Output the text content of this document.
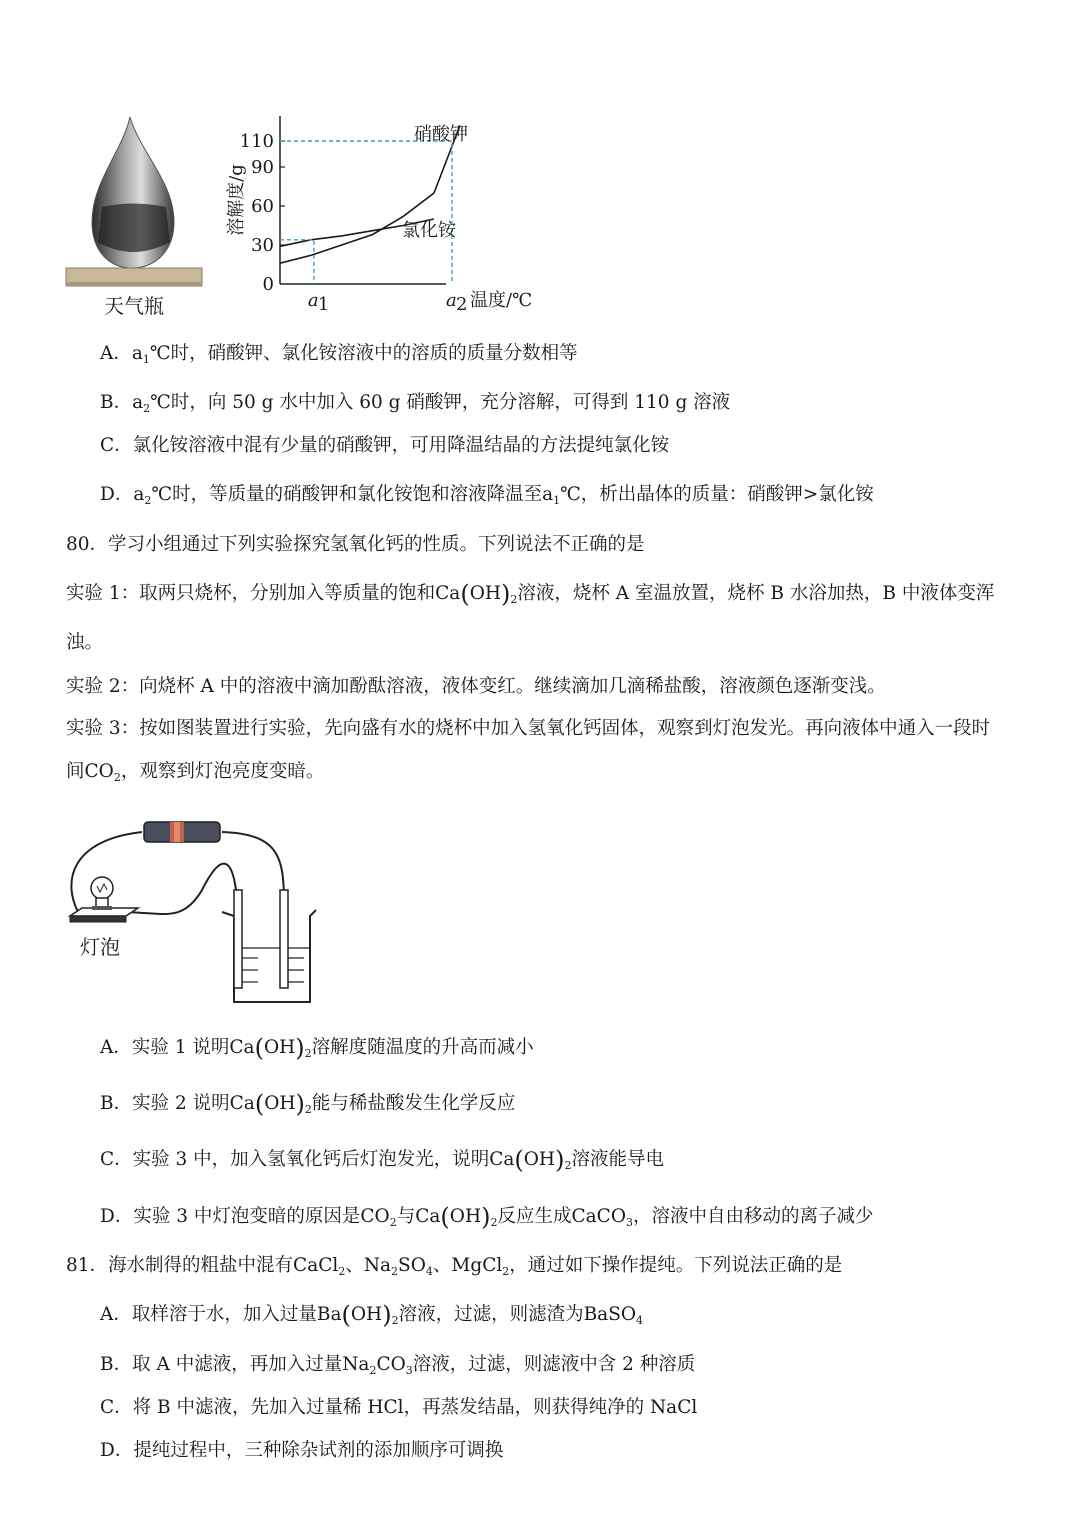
天气瓶
0
30
60
90
110
溶解度/g
a 1	a 2 温度/℃
硝酸钾
氯化铵
A．$a_1℃$时，硝酸钾、氯化铵溶液中的溶质的质量分数相等
B．$a_2℃$时，向 50 g 水中加入 60 g 硝酸钾，充分溶解，可得到 110 g 溶液
C．氯化铵溶液中混有少量的硝酸钾，可用降温结晶的方法提纯氯化铵
D．$a_2℃$时，等质量的硝酸钾和氯化铵饱和溶液降温至$a_1℃$，析出晶体的质量：硝酸钾>氯化铵
80．学习小组通过下列实验探究氢氧化钙的性质。下列说法不正确的是
实验 1：取两只烧杯，分别加入等质量的饱和$Ca(OH)_2$溶液，烧杯 A 室温放置，烧杯 B 水浴加热，B 中液体变浑
浊。
实验 2：向烧杯 A 中的溶液中滴加酚酞溶液，液体变红。继续滴加几滴稀盐酸，溶液颜色逐渐变浅。
实验 3：按如图装置进行实验，先向盛有水的烧杯中加入氢氧化钙固体，观察到灯泡发光。再向液体中通入一段时
间$CO_2$，观察到灯泡亮度变暗。
灯泡
A．实验 1 说明$Ca(OH)_2$溶解度随温度的升高而减小
B．实验 2 说明$Ca(OH)_2$能与稀盐酸发生化学反应
C．实验 3 中，加入氢氧化钙后灯泡发光，说明$Ca(OH)_2$溶液能导电
D．实验 3 中灯泡变暗的原因是$CO_2$与$Ca(OH)_2$反应生成CaCO$_3$，溶液中自由移动的离子减少
81．海水制得的粗盐中混有CaCl$_2$、$Na_2SO_4$、MgCl$_2$，通过如下操作提纯。下列说法正确的是
A．取样溶于水，加入过量$Ba(OH)_2$溶液，过滤，则滤渣为BaSO$_4$
B．取 A 中滤液，再加入过量$Na_2CO_3$溶液，过滤，则滤液中含 2 种溶质
C．将 B 中滤液，先加入过量稀 HCl，再蒸发结晶，则获得纯净的 NaCl
D．提纯过程中，三种除杂试剂的添加顺序可调换
